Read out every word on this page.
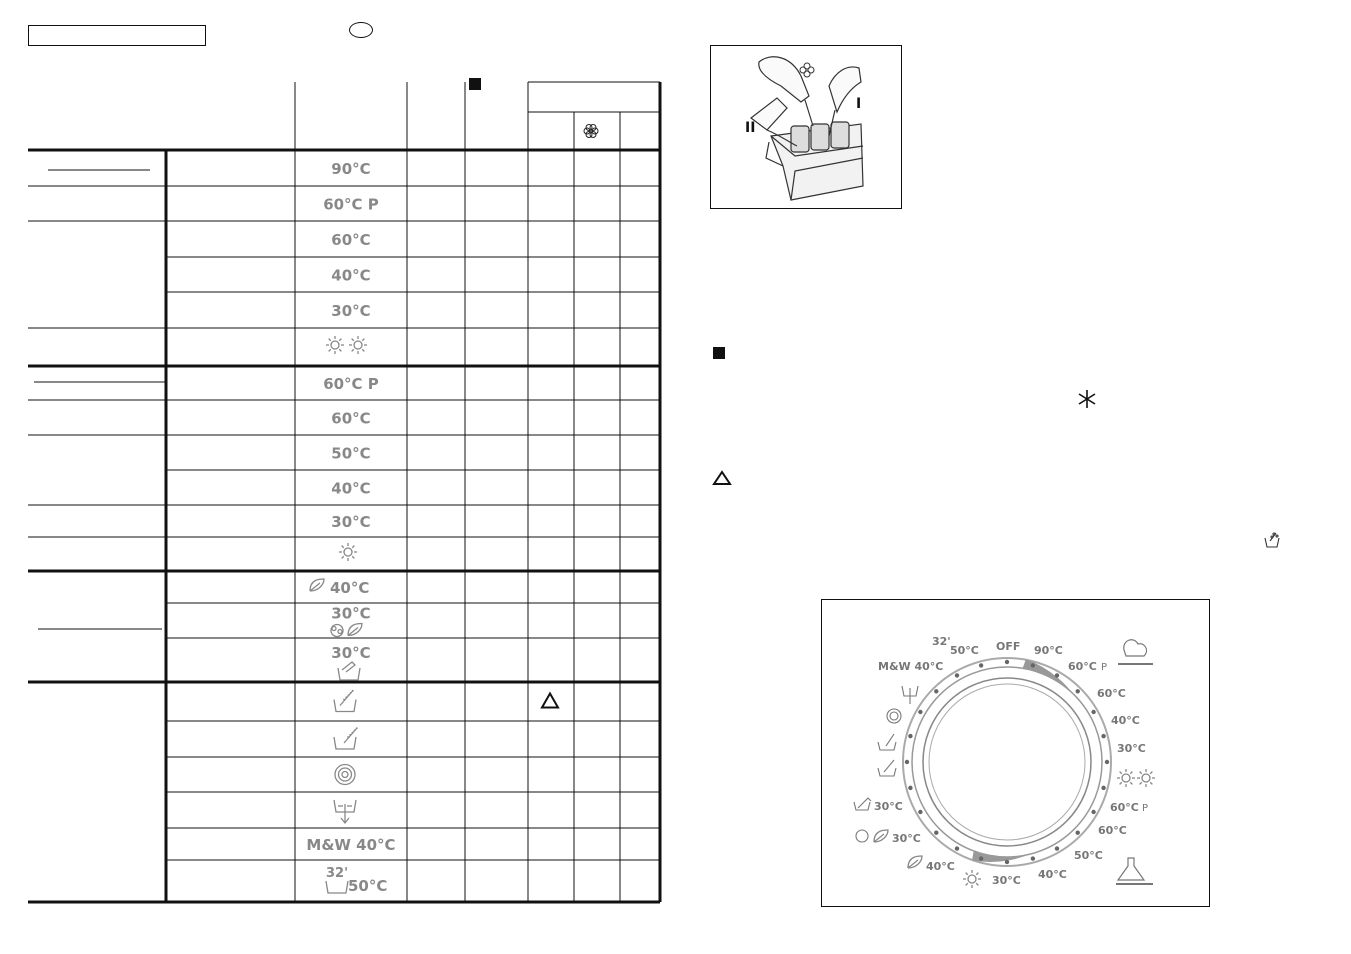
90°C
60°C P
60°C
40°C
30°C
60°C P
60°C
50°C
40°C
30°C
40°C
30°C
30°C
M&W 40°C
32'
50°C
II
I
32'
50°C OFF 90°C
60°C P
M&W 40°C
60°C
40°C
30°C
60°C P
60°C
50°C
40°C
30°C
30°C
30°C
40°C
